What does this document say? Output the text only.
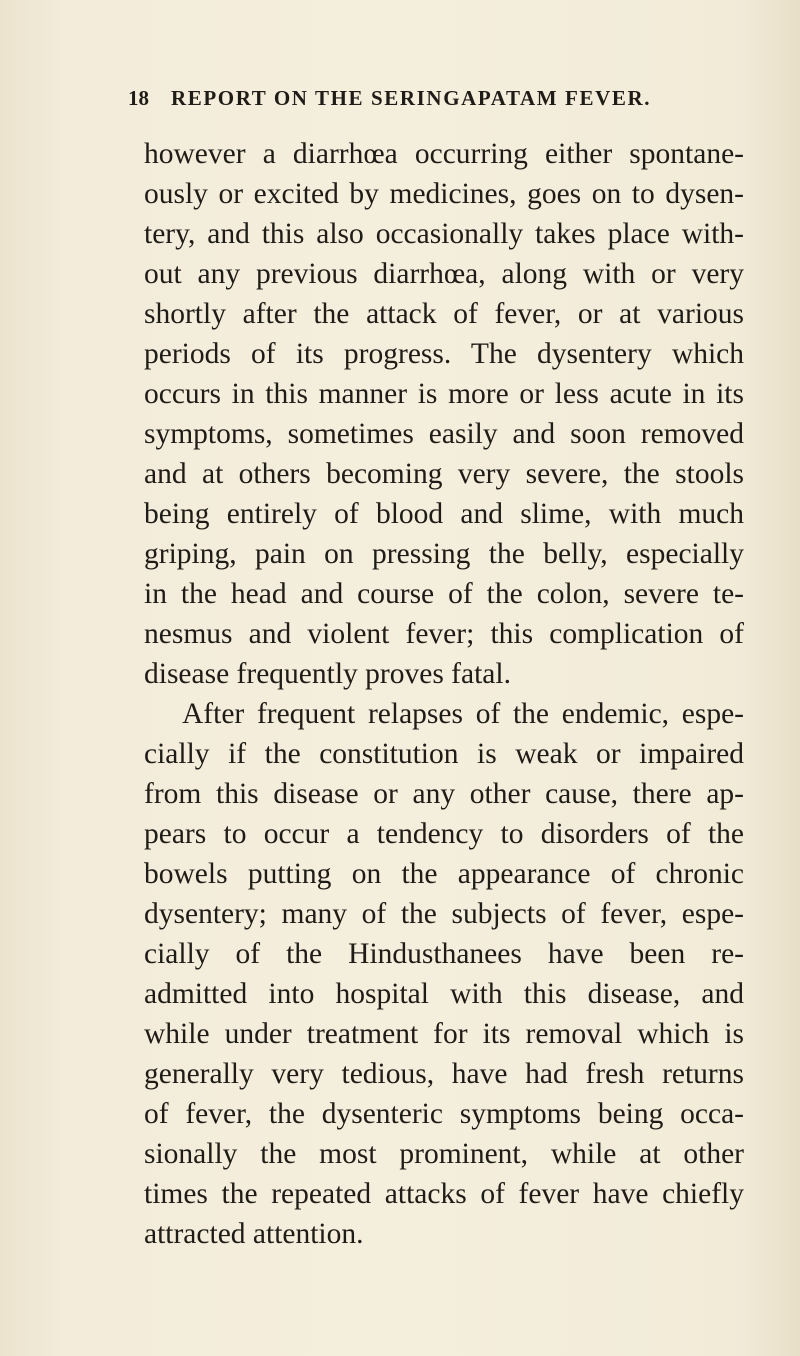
18 REPORT ON THE SERINGAPATAM FEVER.
however a diarrhœa occurring either spontane-
ously or excited by medicines, goes on to dysen-
tery, and this also occasionally takes place with-
out any previous diarrhœa, along with or very
shortly after the attack of fever, or at various
periods of its progress. The dysentery which
occurs in this manner is more or less acute in its
symptoms, sometimes easily and soon removed
and at others becoming very severe, the stools
being entirely of blood and slime, with much
griping, pain on pressing the belly, especially
in the head and course of the colon, severe te-
nesmus and violent fever; this complication of
disease frequently proves fatal.
After frequent relapses of the endemic, espe-
cially if the constitution is weak or impaired
from this disease or any other cause, there ap-
pears to occur a tendency to disorders of the
bowels putting on the appearance of chronic
dysentery; many of the subjects of fever, espe-
cially of the Hindusthanees have been re-
admitted into hospital with this disease, and
while under treatment for its removal which is
generally very tedious, have had fresh returns
of fever, the dysenteric symptoms being occa-
sionally the most prominent, while at other
times the repeated attacks of fever have chiefly
attracted attention.
